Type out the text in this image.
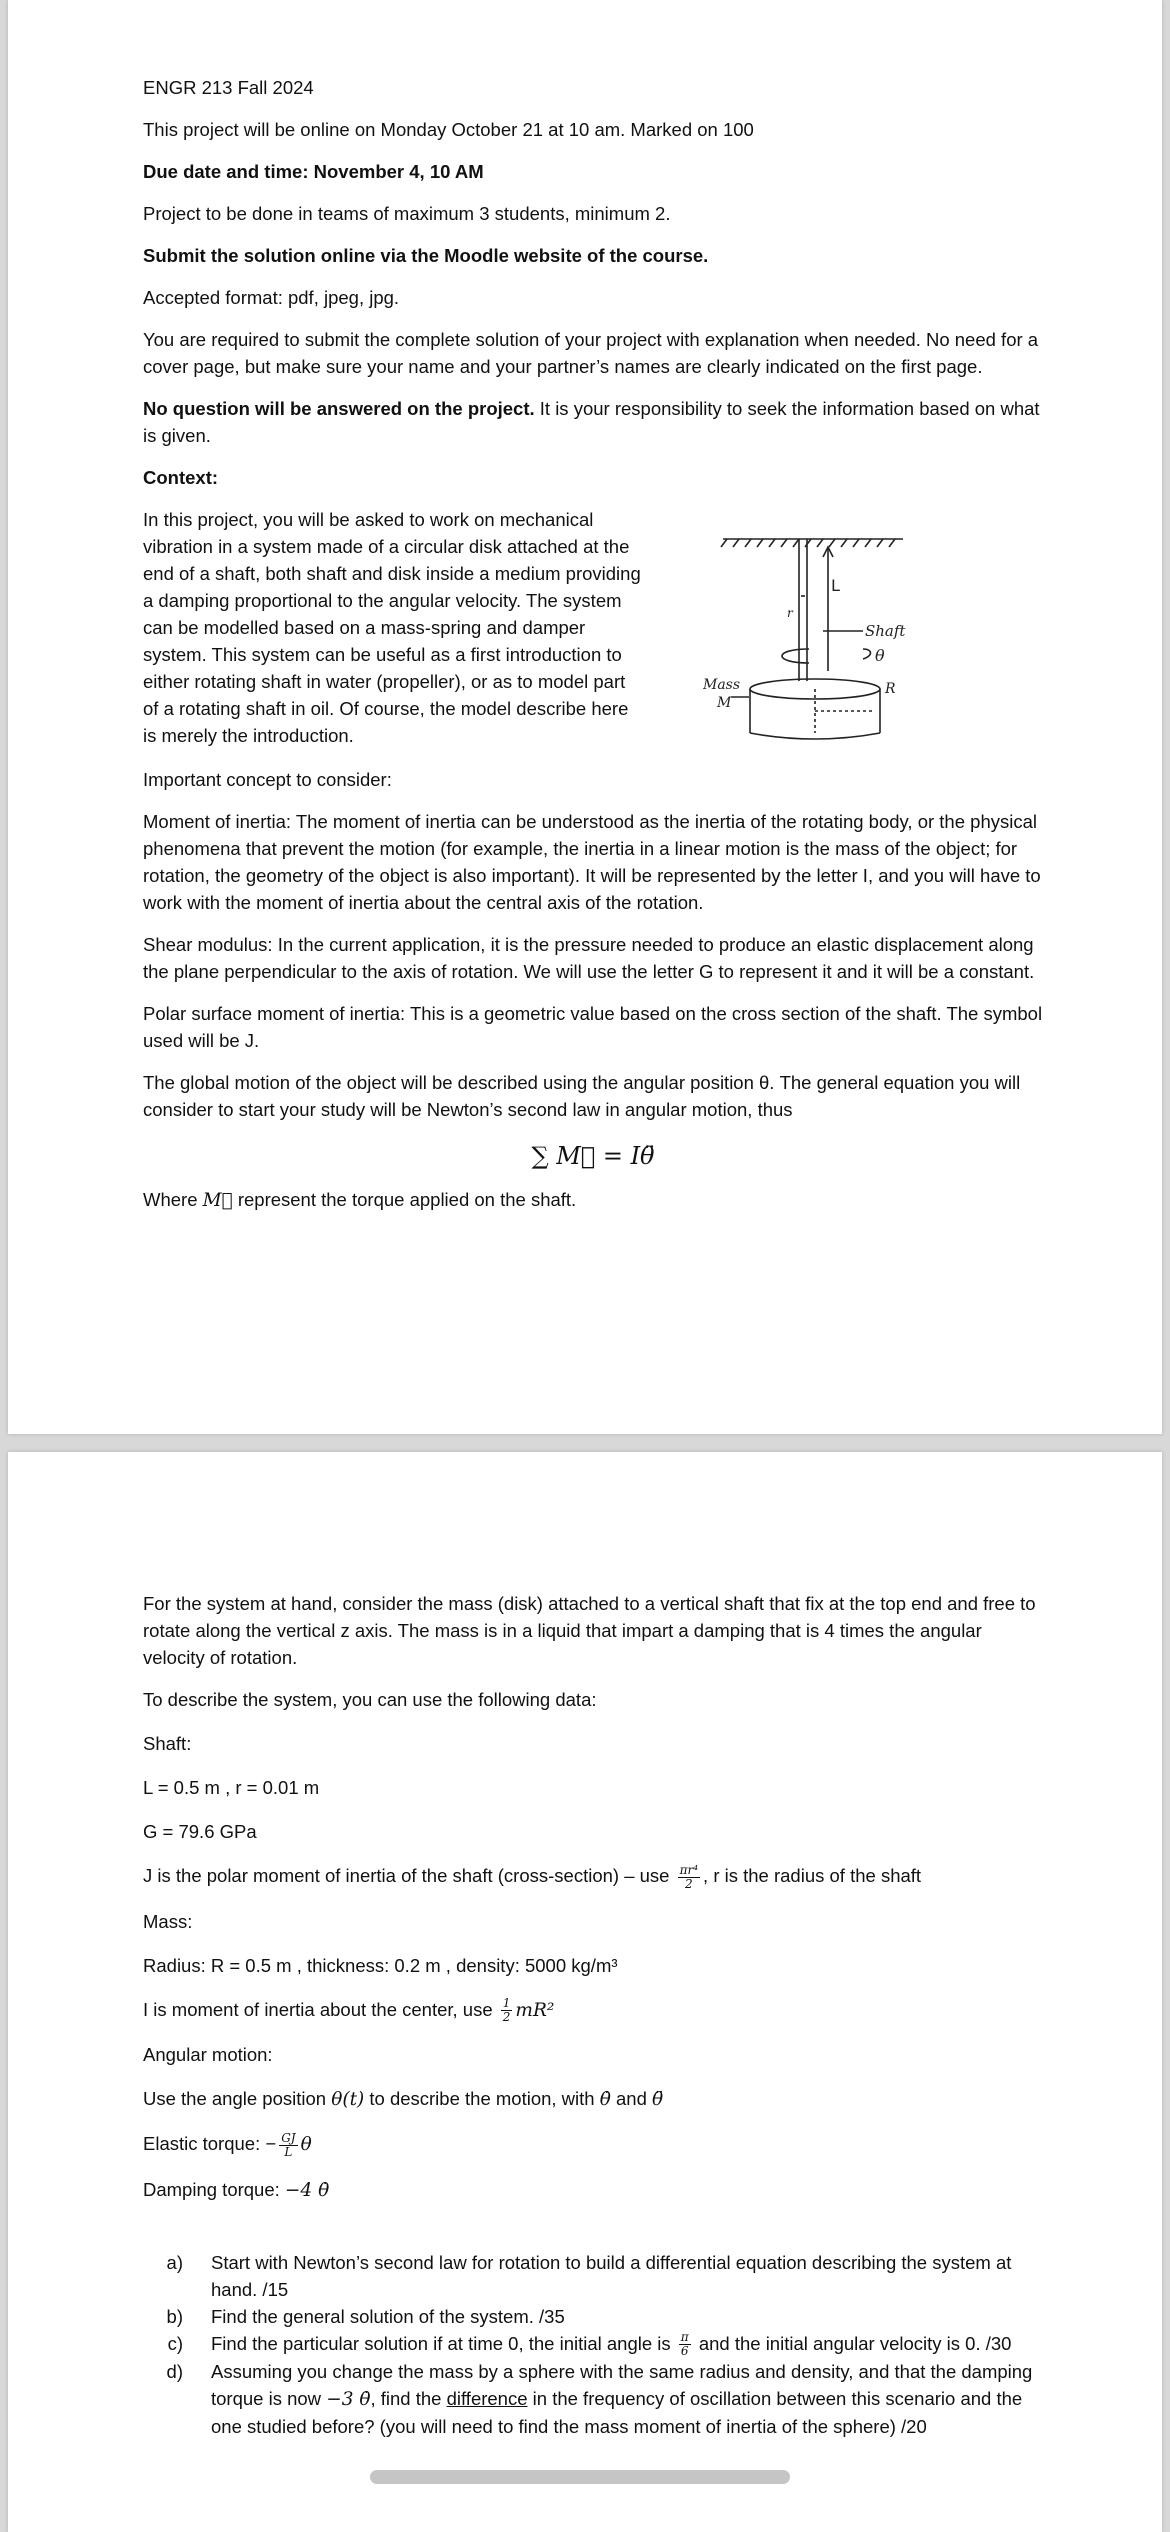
ENGR 213 Fall 2024

This project will be online on Monday October 21 at 10 am. Marked on 100

Due date and time: November 4, 10 AM

Project to be done in teams of maximum 3 students, minimum 2.

Submit the solution online via the Moodle website of the course.

Accepted format: pdf, jpeg, jpg.

You are required to submit the complete solution of your project with explanation when needed. No need for a cover page, but make sure your name and your partner’s names are clearly indicated on the first page.

No question will be answered on the project. It is your responsibility to seek the information based on what is given.

Context:

In this project, you will be asked to work on mechanical vibration in a system made of a circular disk attached at the end of a shaft, both shaft and disk inside a medium providing a damping proportional to the angular velocity. The system can be modelled based on a mass-spring and damper system. This system can be useful as a first introduction to either rotating shaft in water (propeller), or as to model part of a rotating shaft in oil. Of course, the model describe here is merely the introduction.

L
r
Shaft
θ
R
Mass
M

Important concept to consider:

Moment of inertia: The moment of inertia can be understood as the inertia of the rotating body, or the physical phenomena that prevent the motion (for example, the inertia in a linear motion is the mass of the object; for rotation, the geometry of the object is also important). It will be represented by the letter I, and you will have to work with the moment of inertia about the central axis of the rotation.

Shear modulus: In the current application, it is the pressure needed to produce an elastic displacement along the plane perpendicular to the axis of rotation. We will use the letter G to represent it and it will be a constant.

Polar surface moment of inertia: This is a geometric value based on the cross section of the shaft. The symbol used will be J.

The global motion of the object will be described using the angular position θ. The general equation you will consider to start your study will be Newton’s second law in angular motion, thus

∑ M⃗ = Iθ̈

Where M⃗ represent the torque applied on the shaft.

For the system at hand, consider the mass (disk) attached to a vertical shaft that fix at the top end and free to rotate along the vertical z axis. The mass is in a liquid that impart a damping that is 4 times the angular velocity of rotation.

To describe the system, you can use the following data:

Shaft:

L = 0.5 m , r = 0.01 m

G = 79.6 GPa

J is the polar moment of inertia of the shaft (cross-section) – use $\frac{\text{πr⁴}}{2}$ , r is the radius of the shaft

Mass:

Radius: R = 0.5 m , thickness: 0.2 m , density: 5000 kg/m³

I is moment of inertia about the center, use $\frac{1}{2} mR^2$

Angular motion:

Use the angle position θ(t) to describe the motion, with θ̇ and θ̈

Elastic torque: − $\frac{GJ}{L}$ θ

Damping torque: −4 θ̇

a. Start with Newton’s second law for rotation to build a differential equation describing the system at hand. /15
b. Find the general solution of the system. /35
c. Find the particular solution if at time 0, the initial angle is $\frac{\pi}{6}$ and the initial angular velocity is 0. /30
d. Assuming you change the mass by a sphere with the same radius and density, and that the damping torque is now −3 θ̇, find the difference in the frequency of oscillation between this scenario and the one studied before? (you will need to find the mass moment of inertia of the sphere) /20
